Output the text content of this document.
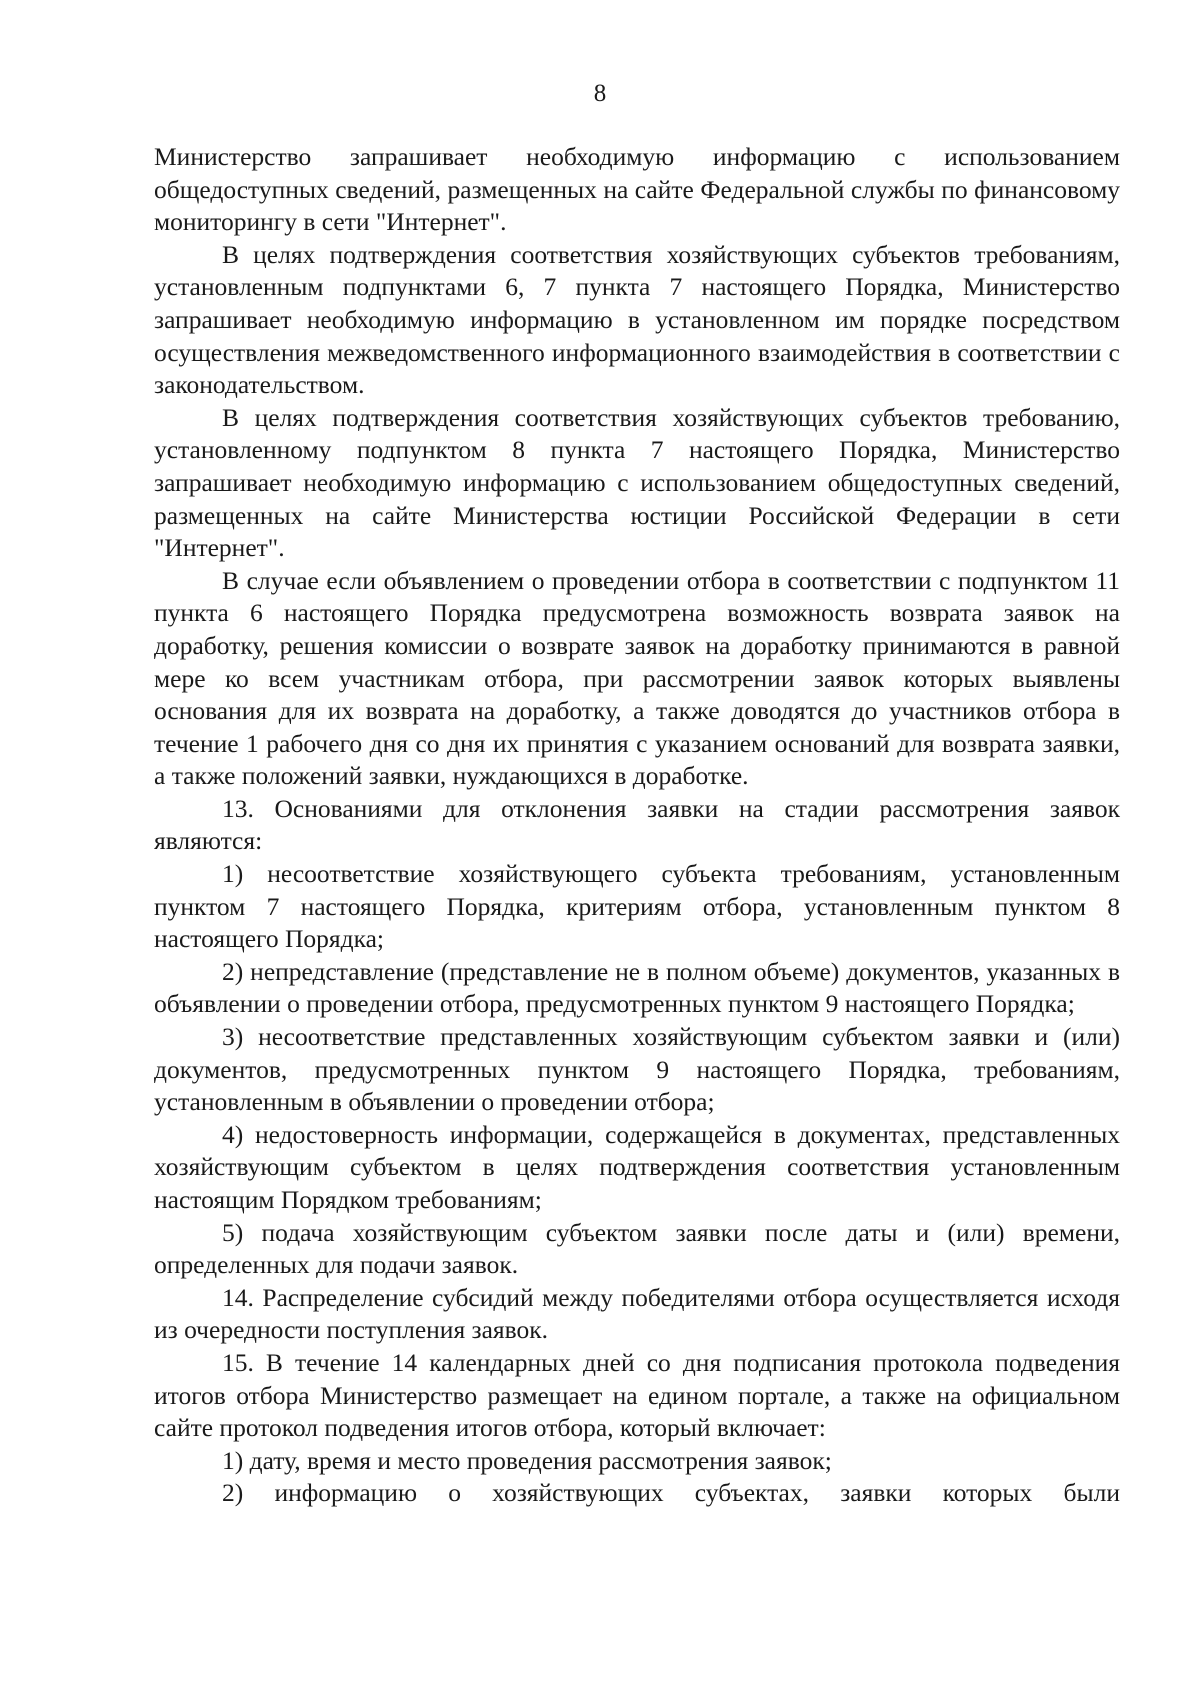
8

Министерство запрашивает необходимую информацию с использованием общедоступных сведений, размещенных на сайте Федеральной службы по финансовому мониторингу в сети "Интернет".

В целях подтверждения соответствия хозяйствующих субъектов требованиям, установленным подпунктами 6, 7 пункта 7 настоящего Порядка, Министерство запрашивает необходимую информацию в установленном им порядке посредством осуществления межведомственного информационного взаимодействия в соответствии с законодательством.

В целях подтверждения соответствия хозяйствующих субъектов требованию, установленному подпунктом 8 пункта 7 настоящего Порядка, Министерство запрашивает необходимую информацию с использованием общедоступных сведений, размещенных на сайте Министерства юстиции Российской Федерации в сети "Интернет".

В случае если объявлением о проведении отбора в соответствии с подпунктом 11 пункта 6 настоящего Порядка предусмотрена возможность возврата заявок на доработку, решения комиссии о возврате заявок на доработку принимаются в равной мере ко всем участникам отбора, при рассмотрении заявок которых выявлены основания для их возврата на доработку, а также доводятся до участников отбора в течение 1 рабочего дня со дня их принятия с указанием оснований для возврата заявки, а также положений заявки, нуждающихся в доработке.

13. Основаниями для отклонения заявки на стадии рассмотрения заявок являются:

1) несоответствие хозяйствующего субъекта требованиям, установленным пунктом 7 настоящего Порядка, критериям отбора, установленным пунктом 8 настоящего Порядка;

2) непредставление (представление не в полном объеме) документов, указанных в объявлении о проведении отбора, предусмотренных пунктом 9 настоящего Порядка;

3) несоответствие представленных хозяйствующим субъектом заявки и (или) документов, предусмотренных пунктом 9 настоящего Порядка, требованиям, установленным в объявлении о проведении отбора;

4) недостоверность информации, содержащейся в документах, представленных хозяйствующим субъектом в целях подтверждения соответствия установленным настоящим Порядком требованиям;

5) подача хозяйствующим субъектом заявки после даты и (или) времени, определенных для подачи заявок.

14. Распределение субсидий между победителями отбора осуществляется исходя из очередности поступления заявок.

15. В течение 14 календарных дней со дня подписания протокола подведения итогов отбора Министерство размещает на едином портале, а также на официальном сайте протокол подведения итогов отбора, который включает:

1) дату, время и место проведения рассмотрения заявок;

2) информацию о хозяйствующих субъектах, заявки которых были
